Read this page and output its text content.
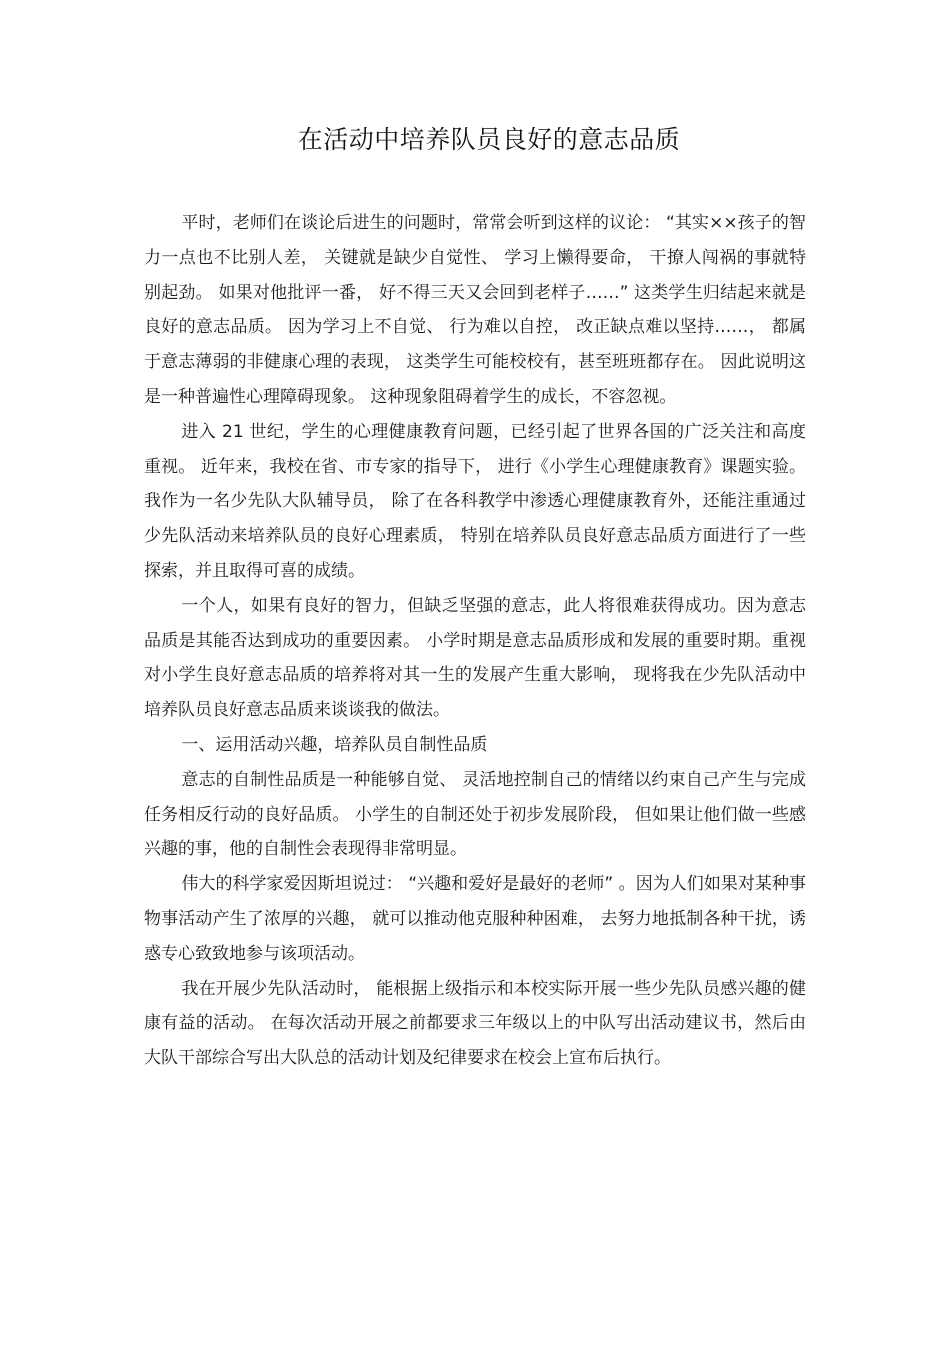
在活动中培养队员良好的意志品质

平时，老师们在谈论后进生的问题时，常常会听到这样的议论： “其实××孩子的智力一点也不比别人差， 关键就是缺少自觉性、 学习上懒得要命， 干撩人闯祸的事就特别起劲。 如果对他批评一番， 好不得三天又会回到老样子……” 这类学生归结起来就是良好的意志品质。 因为学习上不自觉、 行为难以自控， 改正缺点难以坚持……， 都属于意志薄弱的非健康心理的表现， 这类学生可能校校有，甚至班班都存在。 因此说明这是一种普遍性心理障碍现象。 这种现象阻碍着学生的成长，不容忽视。

进入 21 世纪，学生的心理健康教育问题，已经引起了世界各国的广泛关注和高度重视。 近年来，我校在省、市专家的指导下， 进行《小学生心理健康教育》课题实验。我作为一名少先队大队辅导员， 除了在各科教学中渗透心理健康教育外，还能注重通过少先队活动来培养队员的良好心理素质， 特别在培养队员良好意志品质方面进行了一些探索，并且取得可喜的成绩。

一个人，如果有良好的智力，但缺乏坚强的意志，此人将很难获得成功。因为意志品质是其能否达到成功的重要因素。 小学时期是意志品质形成和发展的重要时期。重视对小学生良好意志品质的培养将对其一生的发展产生重大影响， 现将我在少先队活动中培养队员良好意志品质来谈谈我的做法。

一、运用活动兴趣，培养队员自制性品质

意志的自制性品质是一种能够自觉、 灵活地控制自己的情绪以约束自己产生与完成任务相反行动的良好品质。 小学生的自制还处于初步发展阶段， 但如果让他们做一些感兴趣的事，他的自制性会表现得非常明显。

伟大的科学家爱因斯坦说过： “兴趣和爱好是最好的老师” 。因为人们如果对某种事物事活动产生了浓厚的兴趣， 就可以推动他克服种种困难， 去努力地抵制各种干扰，诱惑专心致致地参与该项活动。

我在开展少先队活动时， 能根据上级指示和本校实际开展一些少先队员感兴趣的健康有益的活动。 在每次活动开展之前都要求三年级以上的中队写出活动建议书，然后由大队干部综合写出大队总的活动计划及纪律要求在校会上宣布后执行。
